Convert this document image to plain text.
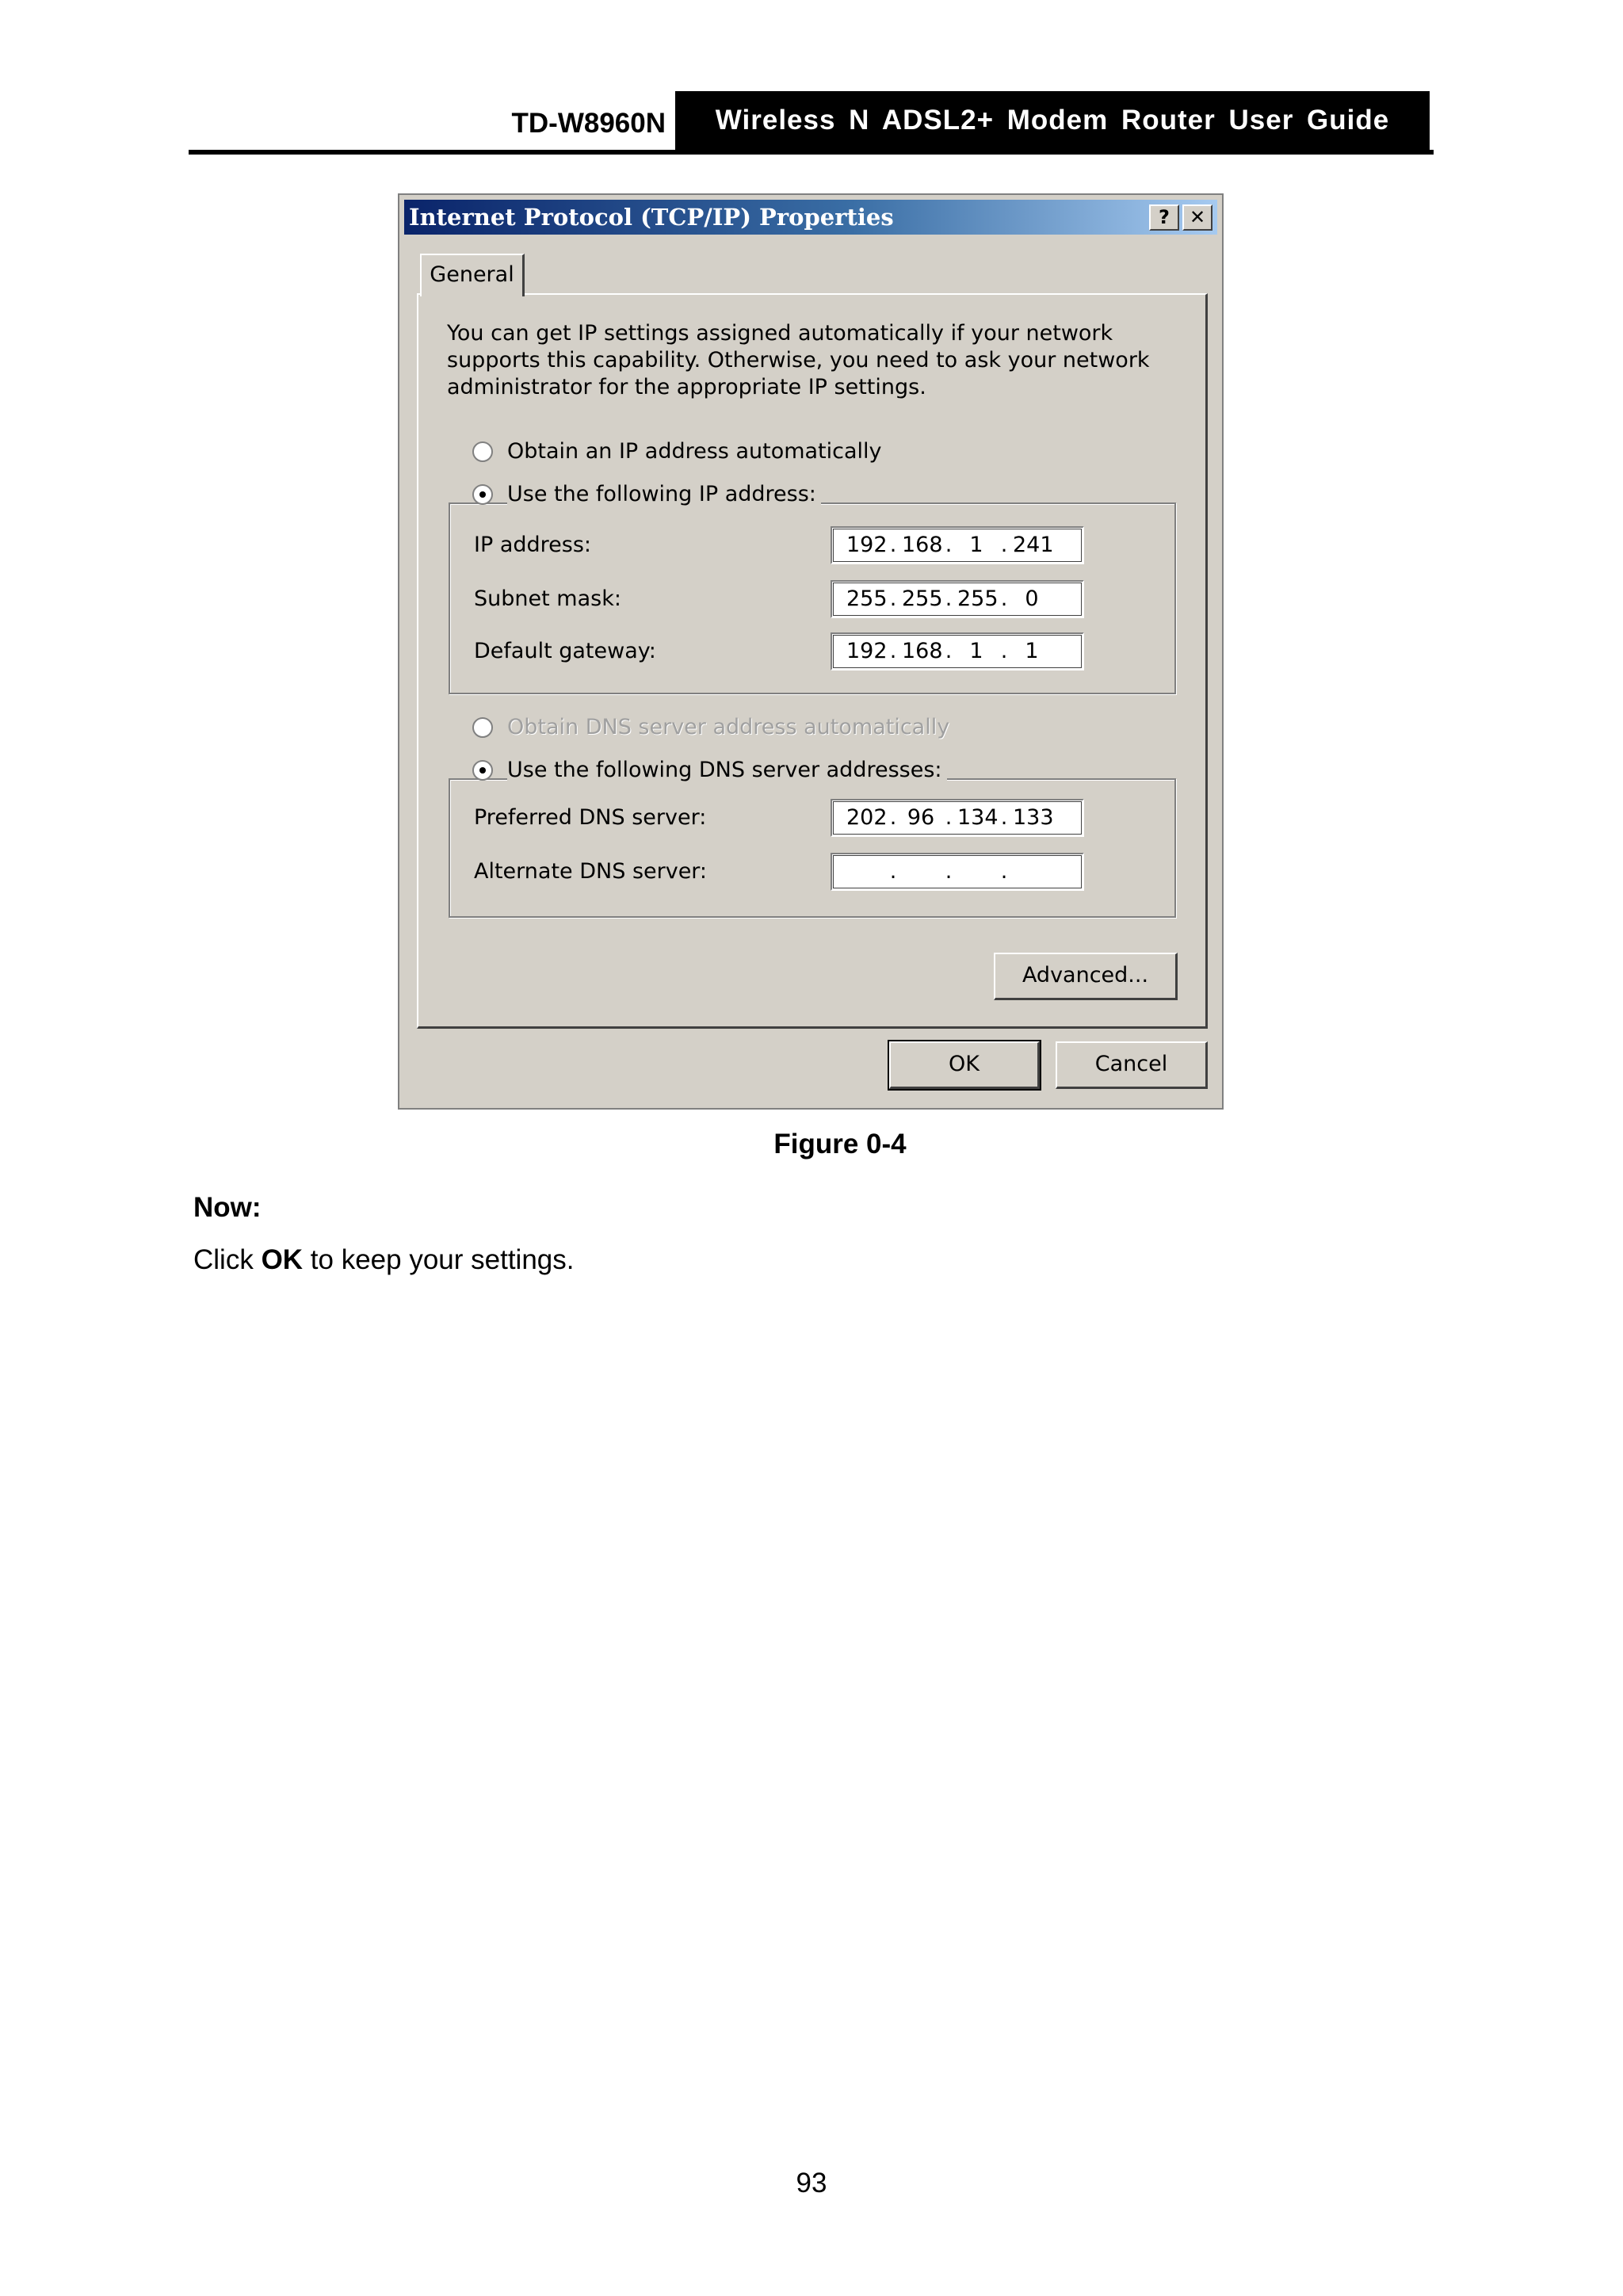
TD-W8960N	Wireless N ADSL2+ Modem Router User Guide
Internet Protocol (TCP/IP) Properties	?	✕
General
You can get IP settings assigned automatically if your network supports this capability. Otherwise, you need to ask your network administrator for the appropriate IP settings.
Obtain an IP address automatically
Use the following IP address:
IP address:	192 . 168 . 1 . 241
Subnet mask:	255 . 255 . 255 . 0
Default gateway:	192 . 168 . 1 . 1
Obtain DNS server address automatically
Use the following DNS server addresses:
Preferred DNS server:	202 . 96 . 134 . 133
Alternate DNS server:	. . .
Advanced...
OK	Cancel
Figure 0-4
Now:
Click OK to keep your settings.
93
